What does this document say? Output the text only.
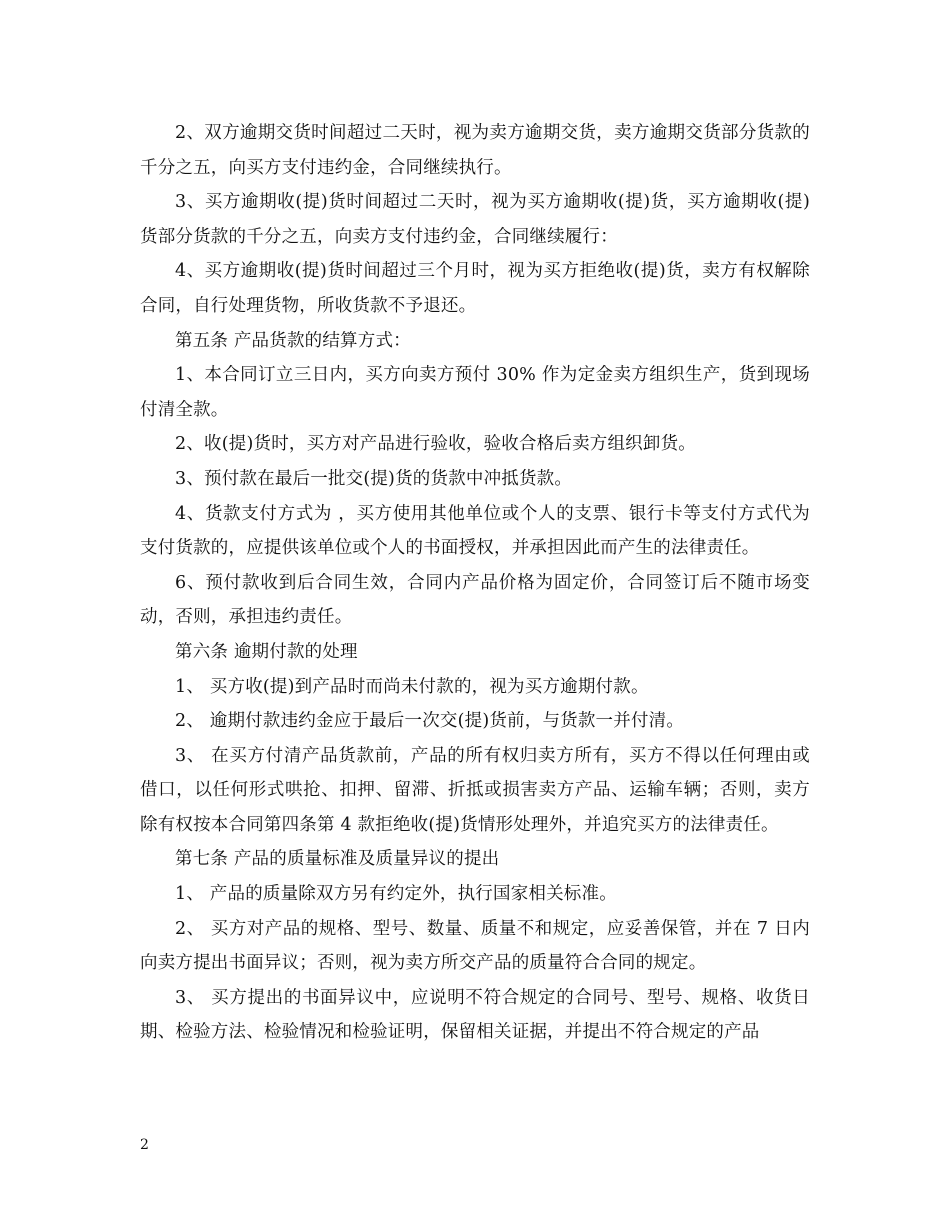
2、双方逾期交货时间超过二天时，视为卖方逾期交货，卖方逾期交货部分货款的千分之五，向买方支付违约金，合同继续执行。

3、买方逾期收(提)货时间超过二天时，视为买方逾期收(提)货，买方逾期收(提)货部分货款的千分之五，向卖方支付违约金，合同继续履行：

4、买方逾期收(提)货时间超过三个月时，视为买方拒绝收(提)货，卖方有权解除合同，自行处理货物，所收货款不予退还。

第五条 产品货款的结算方式：

1、本合同订立三日内，买方向卖方预付 30% 作为定金卖方组织生产，货到现场付清全款。

2、收(提)货时，买方对产品进行验收，验收合格后卖方组织卸货。

3、预付款在最后一批交(提)货的货款中冲抵货款。

4、货款支付方式为 ，买方使用其他单位或个人的支票、银行卡等支付方式代为支付货款的，应提供该单位或个人的书面授权，并承担因此而产生的法律责任。

6、预付款收到后合同生效，合同内产品价格为固定价，合同签订后不随市场变动，否则，承担违约责任。

第六条 逾期付款的处理

1、 买方收(提)到产品时而尚未付款的，视为买方逾期付款。

2、 逾期付款违约金应于最后一次交(提)货前，与货款一并付清。

3、 在买方付清产品货款前，产品的所有权归卖方所有，买方不得以任何理由或借口，以任何形式哄抢、扣押、留滞、折抵或损害卖方产品、运输车辆；否则，卖方除有权按本合同第四条第 4 款拒绝收(提)货情形处理外，并追究买方的法律责任。

第七条 产品的质量标准及质量异议的提出

1、 产品的质量除双方另有约定外，执行国家相关标准。

2、 买方对产品的规格、型号、数量、质量不和规定，应妥善保管，并在 7 日内向卖方提出书面异议；否则，视为卖方所交产品的质量符合合同的规定。

3、 买方提出的书面异议中，应说明不符合规定的合同号、型号、规格、收货日期、检验方法、检验情况和检验证明，保留相关证据，并提出不符合规定的产品

2
